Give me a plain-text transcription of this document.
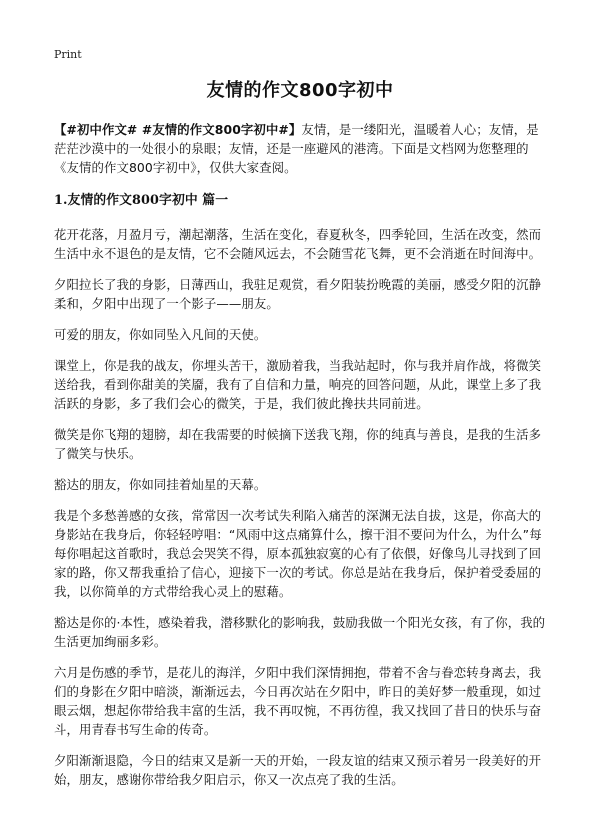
Print
友情的作文800字初中

【#初中作文# #友情的作文800字初中#】友情，是一缕阳光，温暖着人心；友情，是茫茫沙漠中的一处很小的泉眼；友情，还是一座避风的港湾。下面是文档网为您整理的《友情的作文800字初中》，仅供大家查阅。

1.友情的作文800字初中 篇一

花开花落，月盈月亏，潮起潮落，生活在变化，春夏秋冬，四季轮回，生活在改变，然而生活中永不退色的是友情，它不会随风远去，不会随雪花飞舞，更不会消逝在时间海中。

夕阳拉长了我的身影，日薄西山，我驻足观赏，看夕阳装扮晚霞的美丽，感受夕阳的沉静柔和，夕阳中出现了一个影子——朋友。

可爱的朋友，你如同坠入凡间的天使。

课堂上，你是我的战友，你埋头苦干，激励着我，当我站起时，你与我并肩作战，将微笑送给我，看到你甜美的笑靥，我有了自信和力量，响亮的回答问题，从此，课堂上多了我活跃的身影，多了我们会心的微笑，于是，我们彼此搀扶共同前进。

微笑是你飞翔的翅膀，却在我需要的时候摘下送我飞翔，你的纯真与善良，是我的生活多了微笑与快乐。

豁达的朋友，你如同挂着灿星的天幕。

我是个多愁善感的女孩，常常因一次考试失利陷入痛苦的深渊无法自拔，这是，你高大的身影站在我身后，你轻轻哼唱：“风雨中这点痛算什么，擦干泪不要问为什么，为什么”每每你唱起这首歌时，我总会哭笑不得，原本孤独寂寞的心有了依偎，好像鸟儿寻找到了回家的路，你又帮我重拾了信心，迎接下一次的考试。你总是站在我身后，保护着受委屈的我，以你简单的方式带给我心灵上的慰藉。

豁达是你的·本性，感染着我，潜移默化的影响我，鼓励我做一个阳光女孩，有了你，我的生活更加绚丽多彩。

六月是伤感的季节，是花儿的海洋，夕阳中我们深情拥抱，带着不舍与眷恋转身离去，我们的身影在夕阳中暗淡，渐渐远去，今日再次站在夕阳中，昨日的美好梦一般重现，如过眼云烟，想起你带给我丰富的生活，我不再叹惋，不再彷徨，我又找回了昔日的快乐与奋斗，用青春书写生命的传奇。

夕阳渐渐退隐，今日的结束又是新一天的开始，一段友谊的结束又预示着另一段美好的开始，朋友，感谢你带给我夕阳启示，你又一次点亮了我的生活。
